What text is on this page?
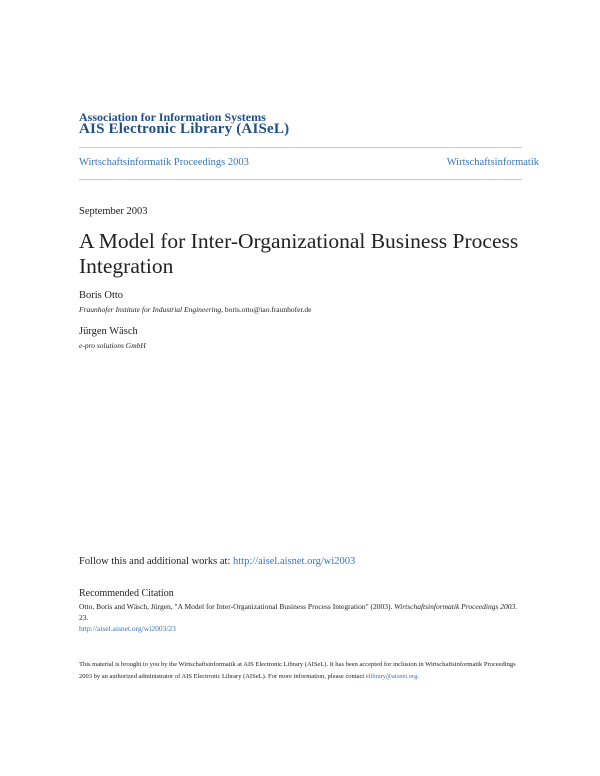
Association for Information Systems
AIS Electronic Library (AISeL)
Wirtschaftsinformatik Proceedings 2003	Wirtschaftsinformatik
September 2003
A Model for Inter-Organizational Business Process Integration
Boris Otto
Fraunhofer Institute for Industrial Engineering, boris.otto@iao.fraunhofer.de
Jürgen Wäsch
e-pro solutions GmbH
Follow this and additional works at: http://aisel.aisnet.org/wi2003
Recommended Citation
Otto, Boris and Wäsch, Jürgen, "A Model for Inter-Organizational Business Process Integration" (2003). Wirtschaftsinformatik Proceedings 2003. 23.
http://aisel.aisnet.org/wi2003/23
This material is brought to you by the Wirtschaftsinformatik at AIS Electronic Library (AISeL). It has been accepted for inclusion in Wirtschaftsinformatik Proceedings 2003 by an authorized administrator of AIS Electronic Library (AISeL). For more information, please contact elibrary@aisnet.org.
